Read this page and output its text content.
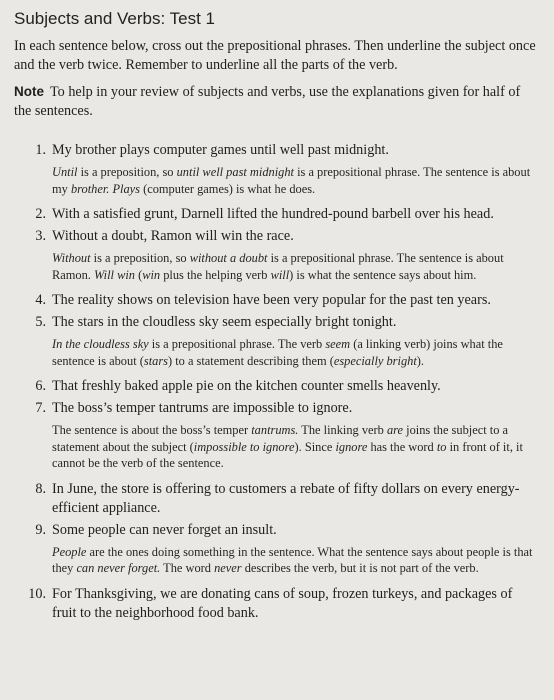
Subjects and Verbs: Test 1

In each sentence below, cross out the prepositional phrases. Then underline the subject once and the verb twice. Remember to underline all the parts of the verb.

Note To help in your review of subjects and verbs, use the explanations given for half of the sentences.

1. My brother plays computer games until well past midnight.
Until is a preposition, so until well past midnight is a prepositional phrase. The sentence is about my brother. Plays (computer games) is what he does.
2. With a satisfied grunt, Darnell lifted the hundred-pound barbell over his head.
3. Without a doubt, Ramon will win the race.
Without is a preposition, so without a doubt is a prepositional phrase. The sentence is about Ramon. Will win (win plus the helping verb will) is what the sentence says about him.
4. The reality shows on television have been very popular for the past ten years.
5. The stars in the cloudless sky seem especially bright tonight.
In the cloudless sky is a prepositional phrase. The verb seem (a linking verb) joins what the sentence is about (stars) to a statement describing them (especially bright).
6. That freshly baked apple pie on the kitchen counter smells heavenly.
7. The boss’s temper tantrums are impossible to ignore.
The sentence is about the boss’s temper tantrums. The linking verb are joins the subject to a statement about the subject (impossible to ignore). Since ignore has the word to in front of it, it cannot be the verb of the sentence.
8. In June, the store is offering to customers a rebate of fifty dollars on every energy-efficient appliance.
9. Some people can never forget an insult.
People are the ones doing something in the sentence. What the sentence says about people is that they can never forget. The word never describes the verb, but it is not part of the verb.
10. For Thanksgiving, we are donating cans of soup, frozen turkeys, and packages of fruit to the neighborhood food bank.
